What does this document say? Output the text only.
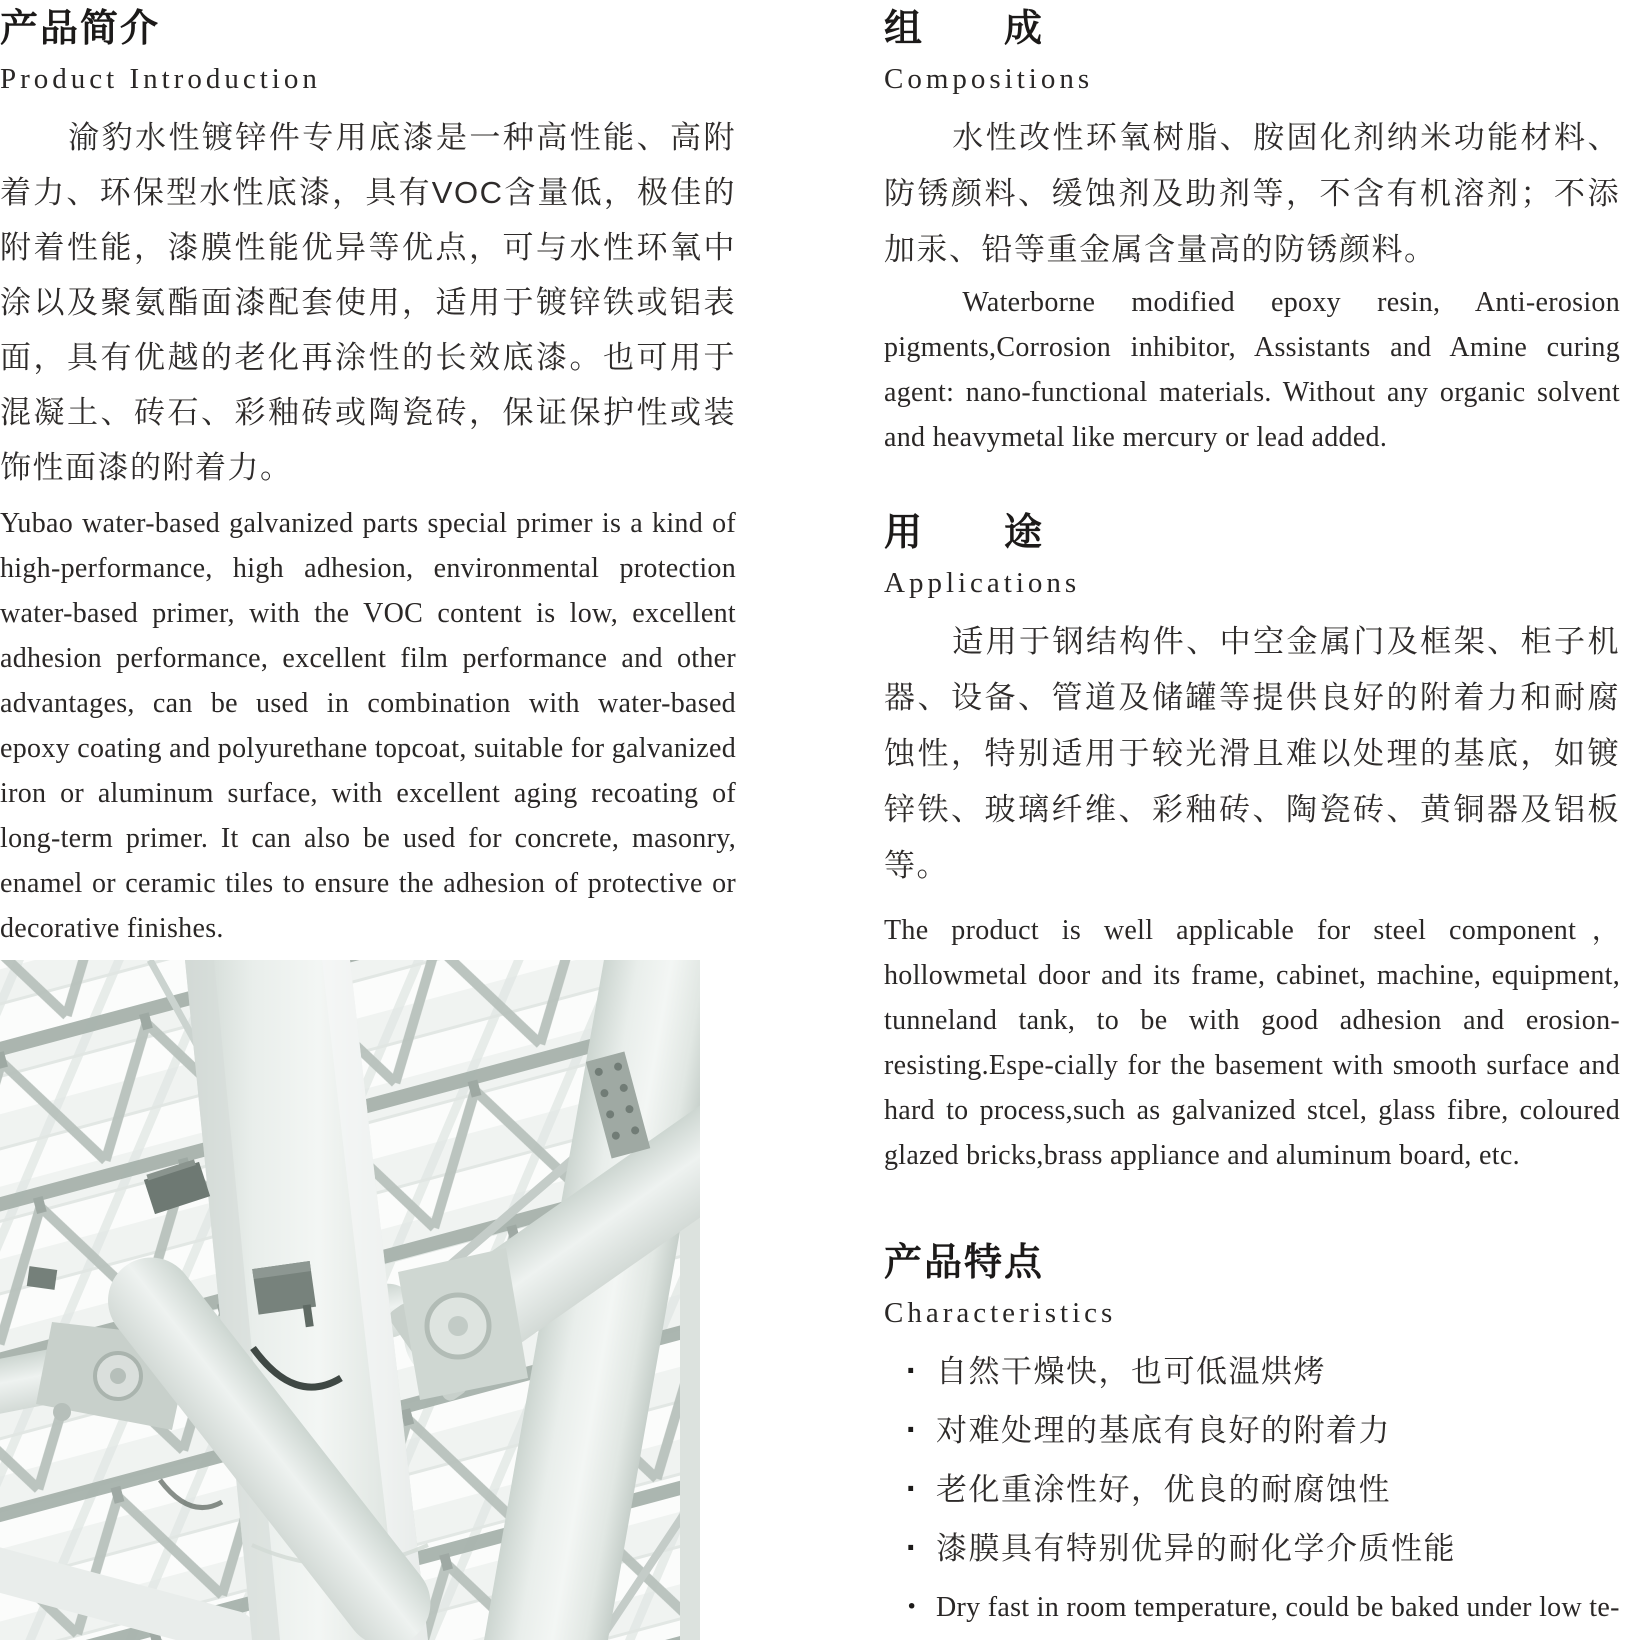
产品简介
Product Introduction

渝豹水性镀锌件专用底漆是一种高性能、高附着力、环保型水性底漆，具有VOC含量低，极佳的附着性能，漆膜性能优异等优点，可与水性环氧中涂以及聚氨酯面漆配套使用，适用于镀锌铁或铝表面，具有优越的老化再涂性的长效底漆。也可用于混凝土、砖石、彩釉砖或陶瓷砖，保证保护性或装饰性面漆的附着力。

Yubao water-based galvanized parts special primer is a kind of high-performance, high adhesion, environmental protection water-based primer, with the VOC content is low, excellent adhesion performance, excellent film performance and other advantages, can be used in combination with water-based epoxy coating and polyurethane topcoat, suitable for galvanized iron or aluminum surface, with excellent aging recoating of long-term primer. It can also be used for concrete, masonry, enamel or ceramic tiles to ensure the adhesion of protective or decorative finishes.

组　　成
Compositions

水性改性环氧树脂、胺固化剂纳米功能材料、防锈颜料、缓蚀剂及助剂等，不含有机溶剂；不添加汞、铅等重金属含量高的防锈颜料。

Waterborne modified epoxy resin, Anti-erosion pigments,Corrosion inhibitor, Assistants and Amine curing agent: nano-functional materials. Without any organic solvent and heavymetal like mercury or lead added.

用　　途
Applications

适用于钢结构件、中空金属门及框架、柜子机器、设备、管道及储罐等提供良好的附着力和耐腐蚀性，特别适用于较光滑且难以处理的基底，如镀锌铁、玻璃纤维、彩釉砖、陶瓷砖、黄铜器及铝板等。

The product is well applicable for steel component，hollowmetal door and its frame, cabinet, machine, equipment, tunneland tank, to be with good adhesion and erosion-resisting.Espe-cially for the basement with smooth surface and hard to process,such as galvanized stcel, glass fibre, coloured glazed bricks,brass appliance and aluminum board, etc.

产品特点
Characteristics
· 自然干燥快，也可低温烘烤
· 对难处理的基底有良好的附着力
· 老化重涂性好，优良的耐腐蚀性
· 漆膜具有特别优异的耐化学介质性能
· Dry fast in room temperature, could be baked under low te-
